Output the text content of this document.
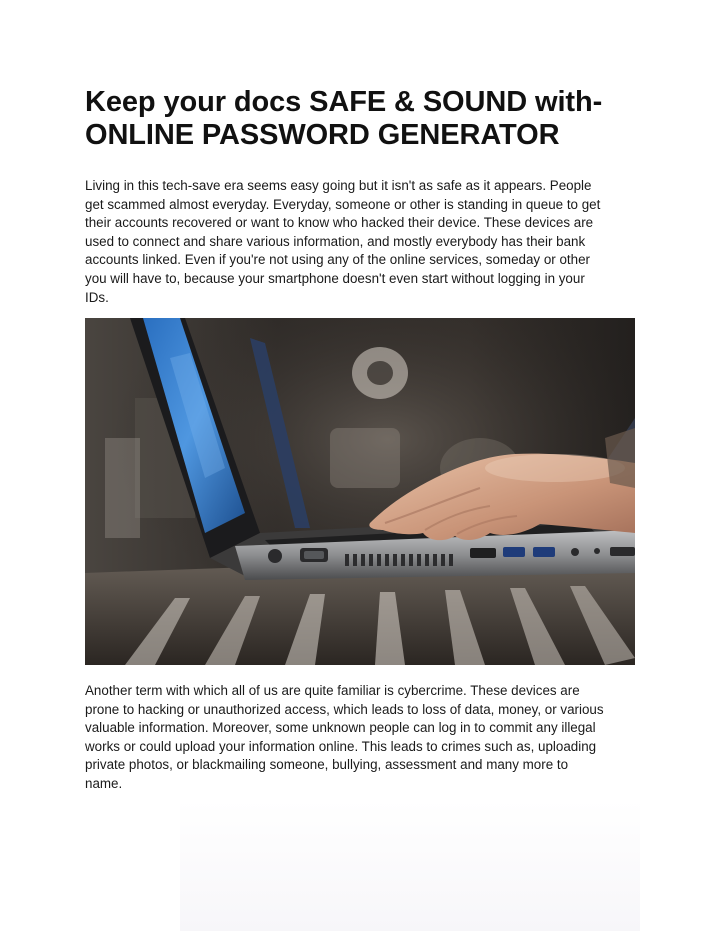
Keep your docs SAFE & SOUND with-
ONLINE PASSWORD GENERATOR
Living in this tech-save era seems easy going but it isn't as safe as it appears. People
get scammed almost everyday. Everyday, someone or other is standing in queue to get
their accounts recovered or want to know who hacked their device. These devices are
used to connect and share various information, and mostly everybody has their bank
accounts linked. Even if you're not using any of the online services, someday or other
you will have to, because your smartphone doesn't even start without logging in your
IDs.
Another term with which all of us are quite familiar is cybercrime. These devices are
prone to hacking or unauthorized access, which leads to loss of data, money, or various
valuable information. Moreover, some unknown people can log in to commit any illegal
works or could upload your information online. This leads to crimes such as, uploading
private photos, or blackmailing someone, bullying, assessment and many more to
name.
